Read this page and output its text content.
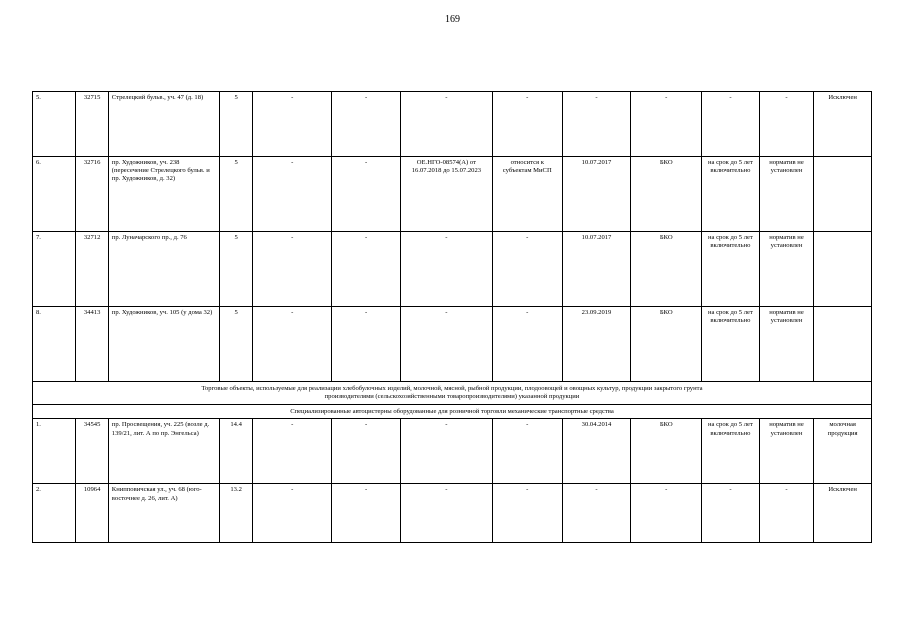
169
5.	32715	Стрелецкий бульв., уч. 47 (д. 18)	5	-	-	-	-	-	-	-	-	Исключен
6.	32716	пр. Художников, уч. 238 (пересечение Стрелецкого бульв. и пр. Художников, д. 32)	5	-	-	ОЕ.НГО-08574(А) от 16.07.2018 до 15.07.2023	относится к субъектам МиСП	10.07.2017	БКО	на срок до 5 лет включительно	норматив не установлен	
7.	32712	пр. Луначарского пр., д. 76	5	-	-	-	-	10.07.2017	БКО	на срок до 5 лет включительно	норматив не установлен	
8.	34413	пр. Художников, уч. 105 (у дома 32)	5	-	-	-	-	23.09.2019	БКО	на срок до 5 лет включительно	норматив не установлен	

Торговые объекты, используемые для реализации хлебобулочных изделий, молочной, мясной, рыбной продукции, плодоовощей и овощных культур, продукции закрытого грунта
производителями (сельскохозяйственными товаропроизводителями) указанной продукции												

Специализированные автоцистерны оборудованные для розничной торговли механические транспортные средства												
1.	34545	пр. Просвещения, уч. 225 (возле д. 139/21, лит. А по пр. Энгельса)	14.4	-	-	-	-	30.04.2014	БКО	на срок до 5 лет включительно	норматив не установлен	молочная продукция
2.	10964	Книпповичская ул., уч. 68 (юго-восточнее д. 26, лит. А)	13.2	-	-	-	-	-	-	-	-	Исключен
